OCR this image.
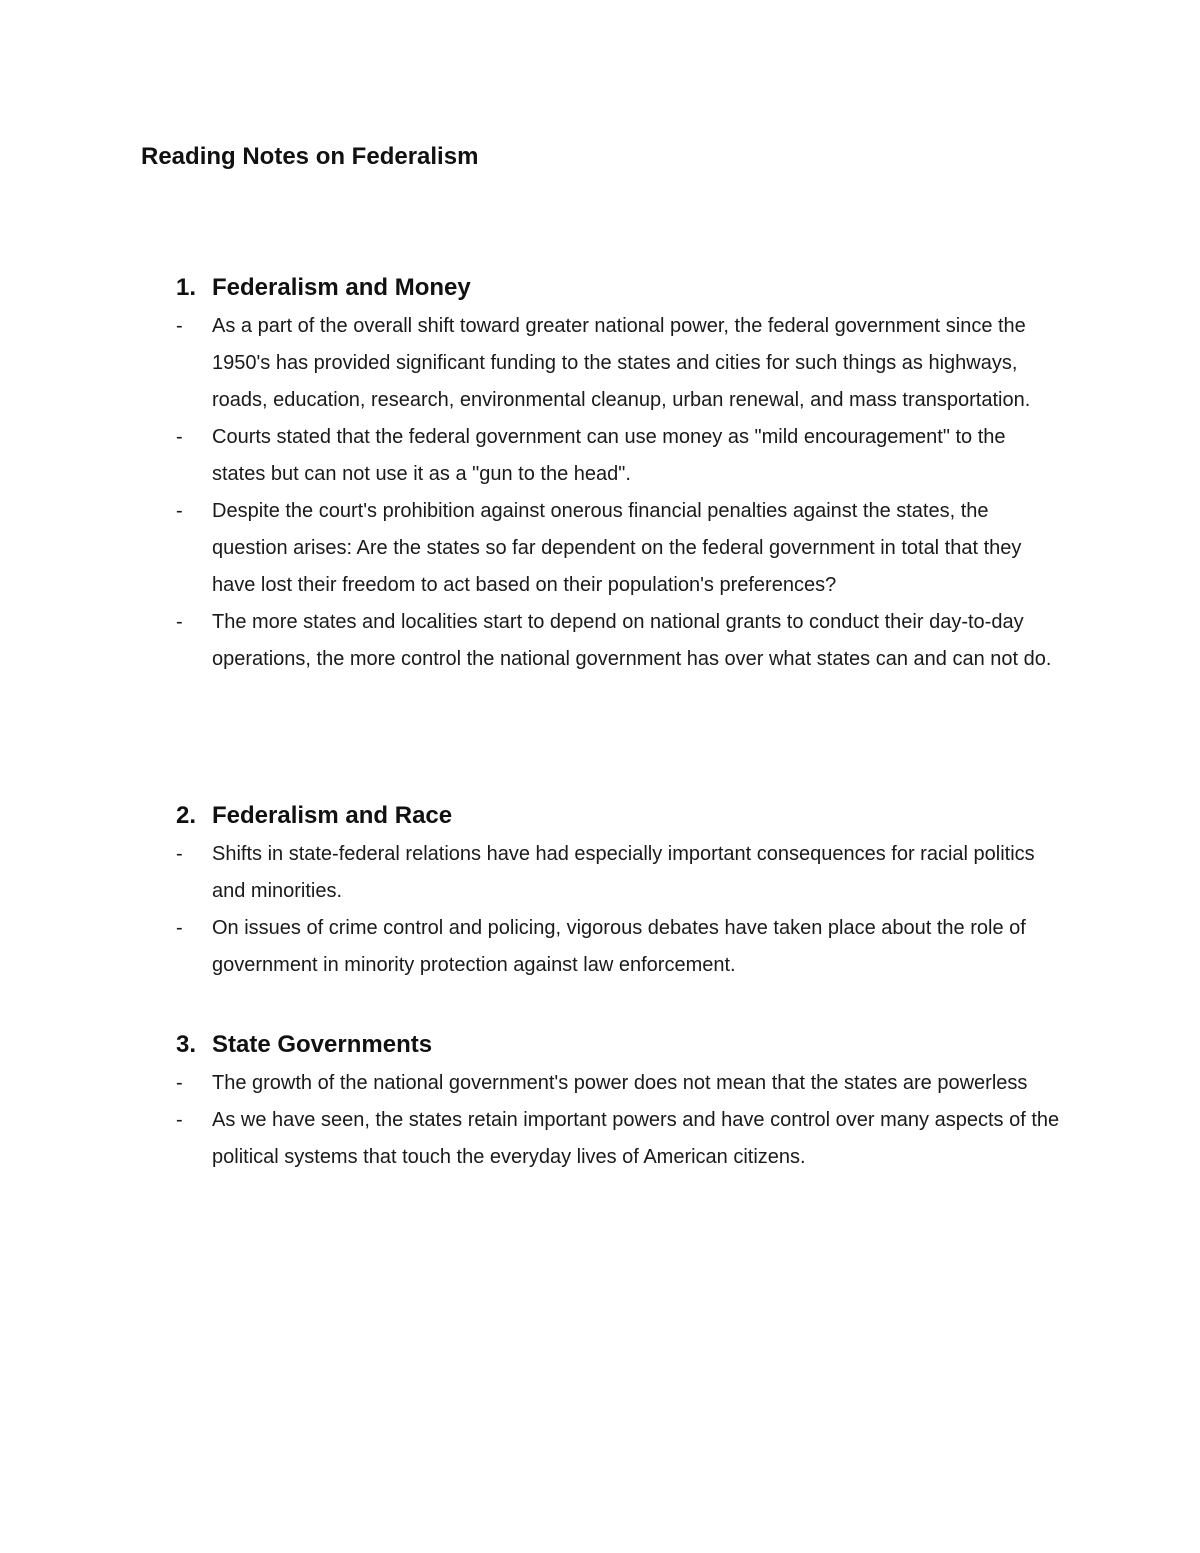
Reading Notes on Federalism
1. Federalism and Money
- As a part of the overall shift toward greater national power, the federal government since the 1950's has provided significant funding to the states and cities for such things as highways, roads, education, research, environmental cleanup, urban renewal, and mass transportation.
- Courts stated that the federal government can use money as "mild encouragement" to the states but can not use it as a "gun to the head".
- Despite the court's prohibition against onerous financial penalties against the states, the question arises: Are the states so far dependent on the federal government in total that they have lost their freedom to act based on their population's preferences?
- The more states and localities start to depend on national grants to conduct their day-to-day operations, the more control the national government has over what states can and can not do.
2. Federalism and Race
- Shifts in state-federal relations have had especially important consequences for racial politics and minorities.
- On issues of crime control and policing, vigorous debates have taken place about the role of government in minority protection against law enforcement.
3. State Governments
- The growth of the national government's power does not mean that the states are powerless
- As we have seen, the states retain important powers and have control over many aspects of the political systems that touch the everyday lives of American citizens.
